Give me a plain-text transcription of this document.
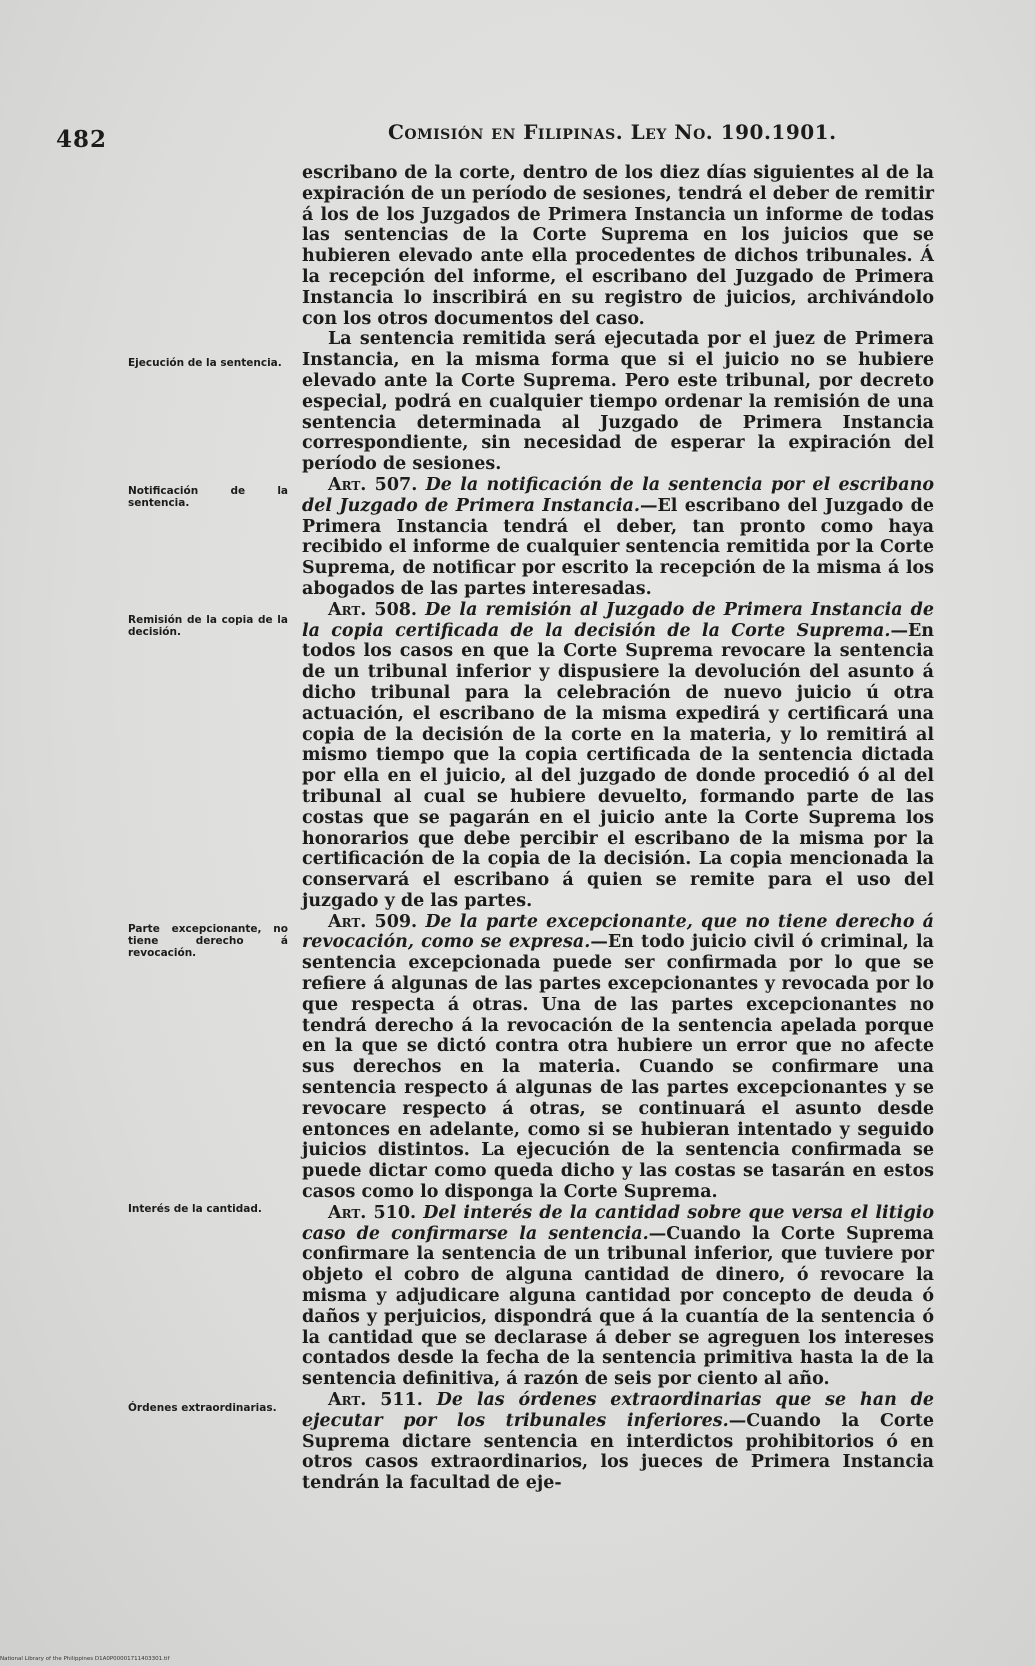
482	Comisión en Filipinas. Ley No. 190.1901.
Ejecución de la sentencia.
Notificación de la sentencia.
Remisión de la copia de la decisión.
Parte excepcionante, no tiene derecho á revocación.
Interés de la cantidad.
Órdenes extraordinarias.

escribano de la corte, dentro de los diez días siguientes al de la expiración de un período de sesiones, tendrá el deber de remitir á los de los Juzgados de Primera Instancia un informe de todas las sentencias de la Corte Suprema en los juicios que se hubieren elevado ante ella procedentes de dichos tribunales. Á la recepción del informe, el escribano del Juzgado de Primera Instancia lo inscribirá en su registro de juicios, archivándolo con los otros documentos del caso.

La sentencia remitida será ejecutada por el juez de Primera Instancia, en la misma forma que si el juicio no se hubiere elevado ante la Corte Suprema. Pero este tribunal, por decreto especial, podrá en cualquier tiempo ordenar la remisión de una sentencia determinada al Juzgado de Primera Instancia correspondiente, sin necesidad de esperar la expiración del período de sesiones.

Art. 507. De la notificación de la sentencia por el escribano del Juzgado de Primera Instancia.—El escribano del Juzgado de Primera Instancia tendrá el deber, tan pronto como haya recibido el informe de cualquier sentencia remitida por la Corte Suprema, de notificar por escrito la recepción de la misma á los abogados de las partes interesadas.

Art. 508. De la remisión al Juzgado de Primera Instancia de la copia certificada de la decisión de la Corte Suprema.—En todos los casos en que la Corte Suprema revocare la sentencia de un tribunal inferior y dispusiere la devolución del asunto á dicho tribunal para la celebración de nuevo juicio ú otra actuación, el escribano de la misma expedirá y certificará una copia de la decisión de la corte en la materia, y lo remitirá al mismo tiempo que la copia certificada de la sentencia dictada por ella en el juicio, al del juzgado de donde procedió ó al del tribunal al cual se hubiere devuelto, formando parte de las costas que se pagarán en el juicio ante la Corte Suprema los honorarios que debe percibir el escribano de la misma por la certificación de la copia de la decisión. La copia mencionada la conservará el escribano á quien se remite para el uso del juzgado y de las partes.

Art. 509. De la parte excepcionante, que no tiene derecho á revocación, como se expresa.—En todo juicio civil ó criminal, la sentencia excepcionada puede ser confirmada por lo que se refiere á algunas de las partes excepcionantes y revocada por lo que respecta á otras. Una de las partes excepcionantes no tendrá derecho á la revocación de la sentencia apelada porque en la que se dictó contra otra hubiere un error que no afecte sus derechos en la materia. Cuando se confirmare una sentencia respecto á algunas de las partes excepcionantes y se revocare respecto á otras, se continuará el asunto desde entonces en adelante, como si se hubieran intentado y seguido juicios distintos. La ejecución de la sentencia confirmada se puede dictar como queda dicho y las costas se tasarán en estos casos como lo disponga la Corte Suprema.

Art. 510. Del interés de la cantidad sobre que versa el litigio caso de confirmarse la sentencia.—Cuando la Corte Suprema confirmare la sentencia de un tribunal inferior, que tuviere por objeto el cobro de alguna cantidad de dinero, ó revocare la misma y adjudicare alguna cantidad por concepto de deuda ó daños y perjuicios, dispondrá que á la cuantía de la sentencia ó la cantidad que se declarase á deber se agreguen los intereses contados desde la fecha de la sentencia primitiva hasta la de la sentencia definitiva, á razón de seis por ciento al año.

Art. 511. De las órdenes extraordinarias que se han de ejecutar por los tribunales inferiores.—Cuando la Corte Suprema dictare sentencia en interdictos prohibitorios ó en otros casos extraordinarios, los jueces de Primera Instancia tendrán la facultad de eje-

National Library of the Philippines D1A0P00001711403301.tif
